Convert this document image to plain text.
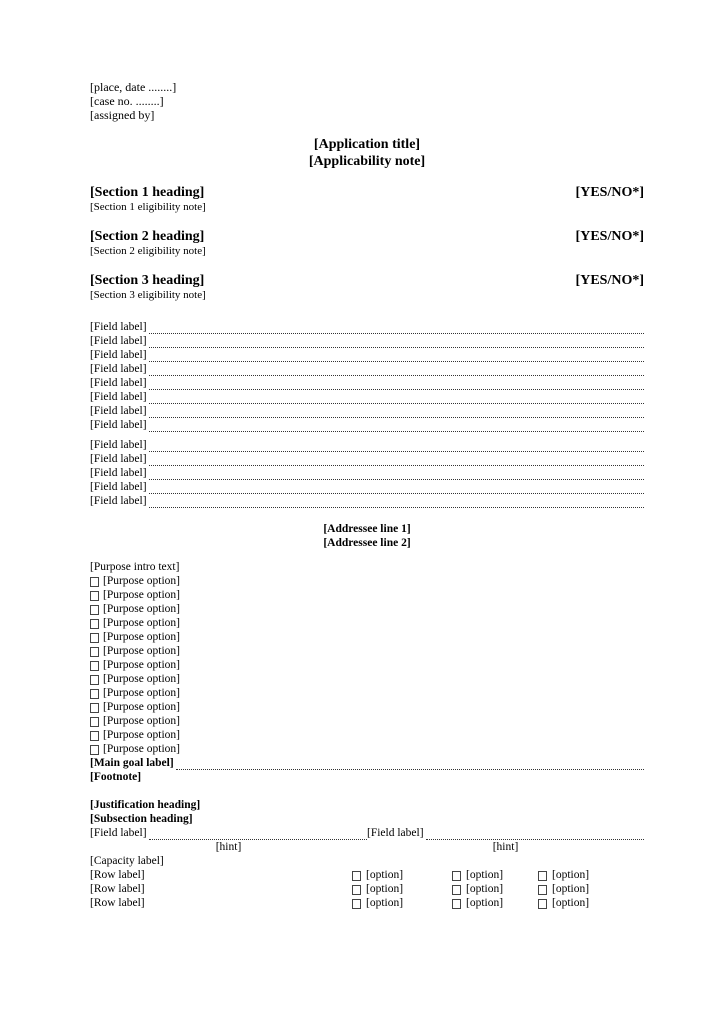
[place, date ........]
[case no. ........]
[assigned by]
[Application title]
[Applicability note]
[Section 1 heading]	[YES/NO*]
[Section 1 eligibility note]
[Section 2 heading]	[YES/NO*]
[Section 2 eligibility note]
[Section 3 heading]	[YES/NO*]
[Section 3 eligibility note]
[Field label]
[Field label]
[Field label]
[Field label]
[Field label]
[Field label]
[Field label]
[Field label]
[Field label]
[Field label]
[Field label]
[Field label]
[Field label]
[Addressee line 1]
[Addressee line 2]
[Purpose intro text]
[Purpose option]
[Purpose option]
[Purpose option]
[Purpose option]
[Purpose option]
[Purpose option]
[Purpose option]
[Purpose option]
[Purpose option]
[Purpose option]
[Purpose option]
[Purpose option]
[Purpose option]
[Main goal label]
[Footnote]
[Justification heading]
[Subsection heading]
[Field label]	[Field label]
[hint]	[hint]
[Capacity label]
[Row label]	[option]	[option]	[option]
[Row label]	[option]	[option]	[option]
[Row label]	[option]	[option]	[option]
